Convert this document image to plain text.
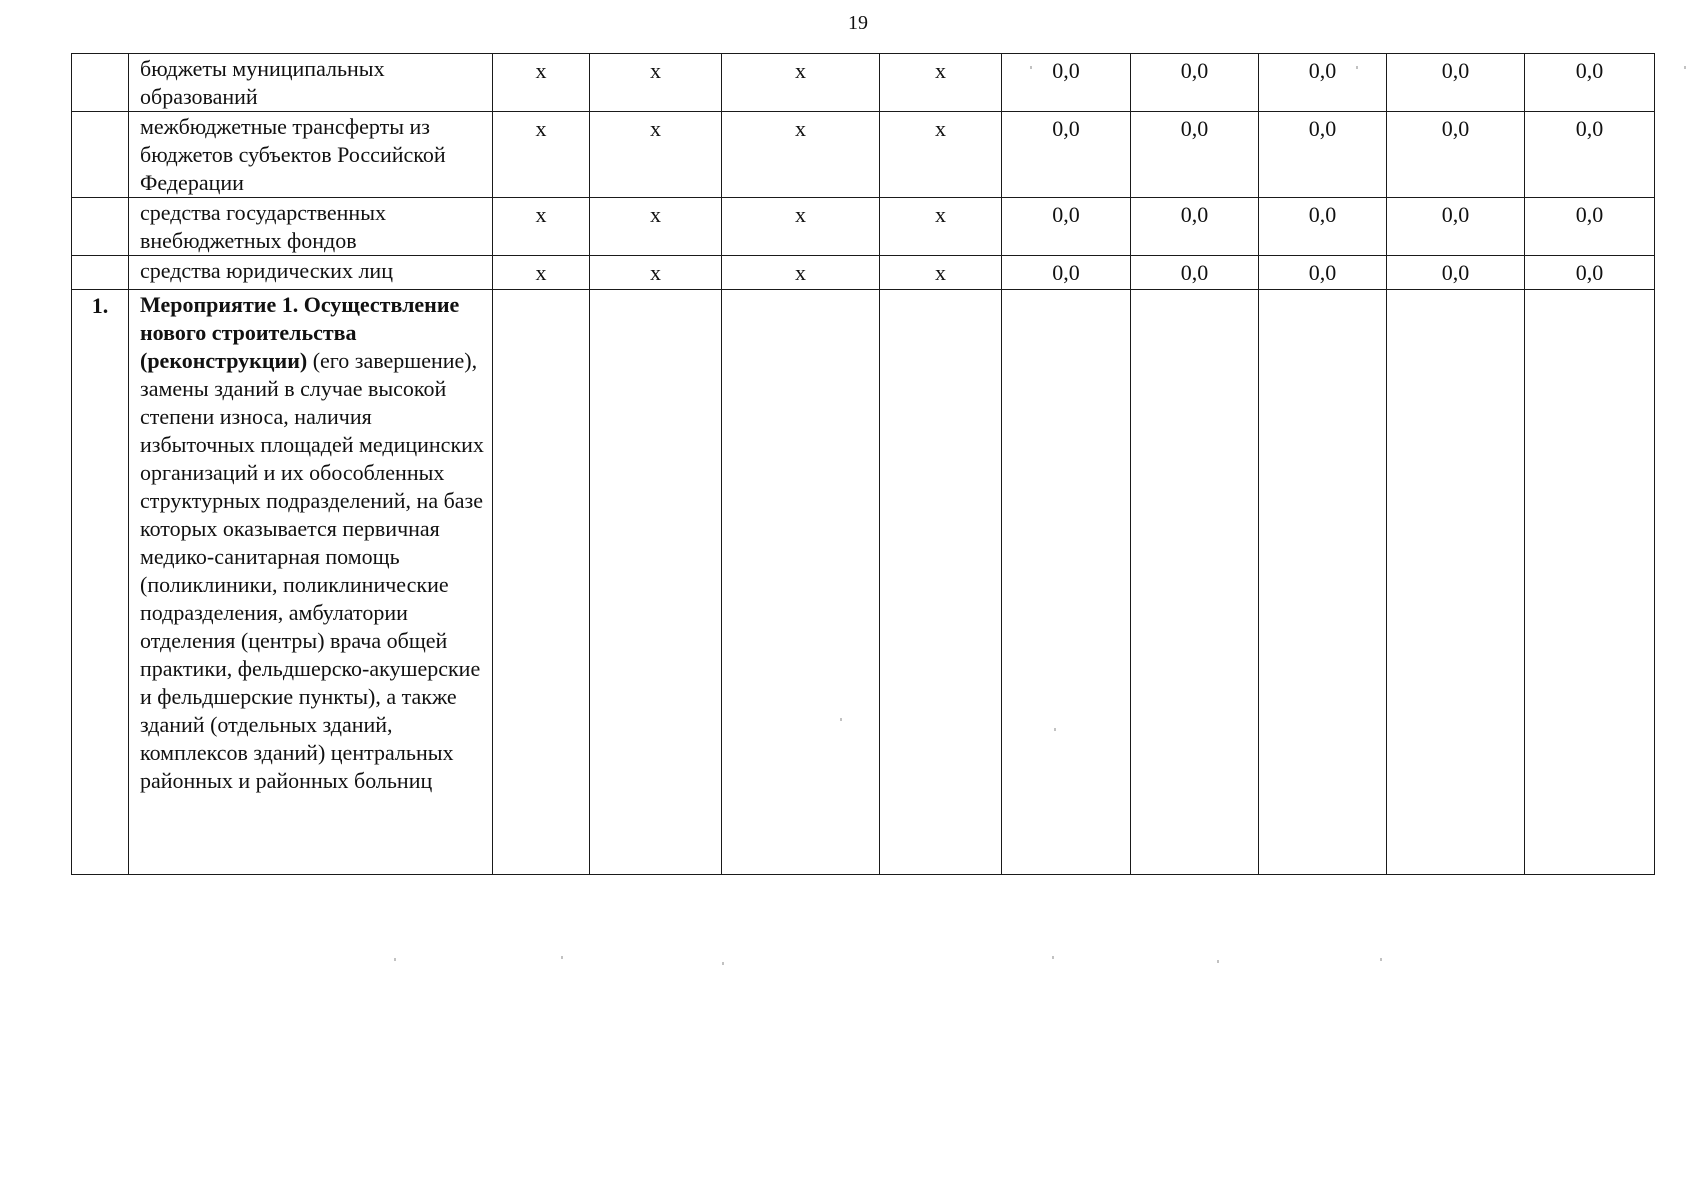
19
	бюджеты муниципальных образований	х	х	х	х	0,0	0,0	0,0	0,0	0,0
	межбюджетные трансферты из бюджетов субъектов Российской Федерации	х	х	х	х	0,0	0,0	0,0	0,0	0,0
	средства государственных внебюджетных фондов	х	х	х	х	0,0	0,0	0,0	0,0	0,0
	средства юридических лиц	х	х	х	х	0,0	0,0	0,0	0,0	0,0
1.	Мероприятие 1. Осуществление нового строительства (реконструкции) (его завершение), замены зданий в случае высокой степени износа, наличия избыточных площадей медицинских организаций и их обособленных структурных подразделений, на базе которых оказывается первичная медико-санитарная помощь (поликлиники, поликлинические подразделения, амбулатории отделения (центры) врача общей практики, фельдшерско-акушерские и фельдшерские пункты), а также зданий (отдельных зданий, комплексов зданий) центральных районных и районных больниц									
